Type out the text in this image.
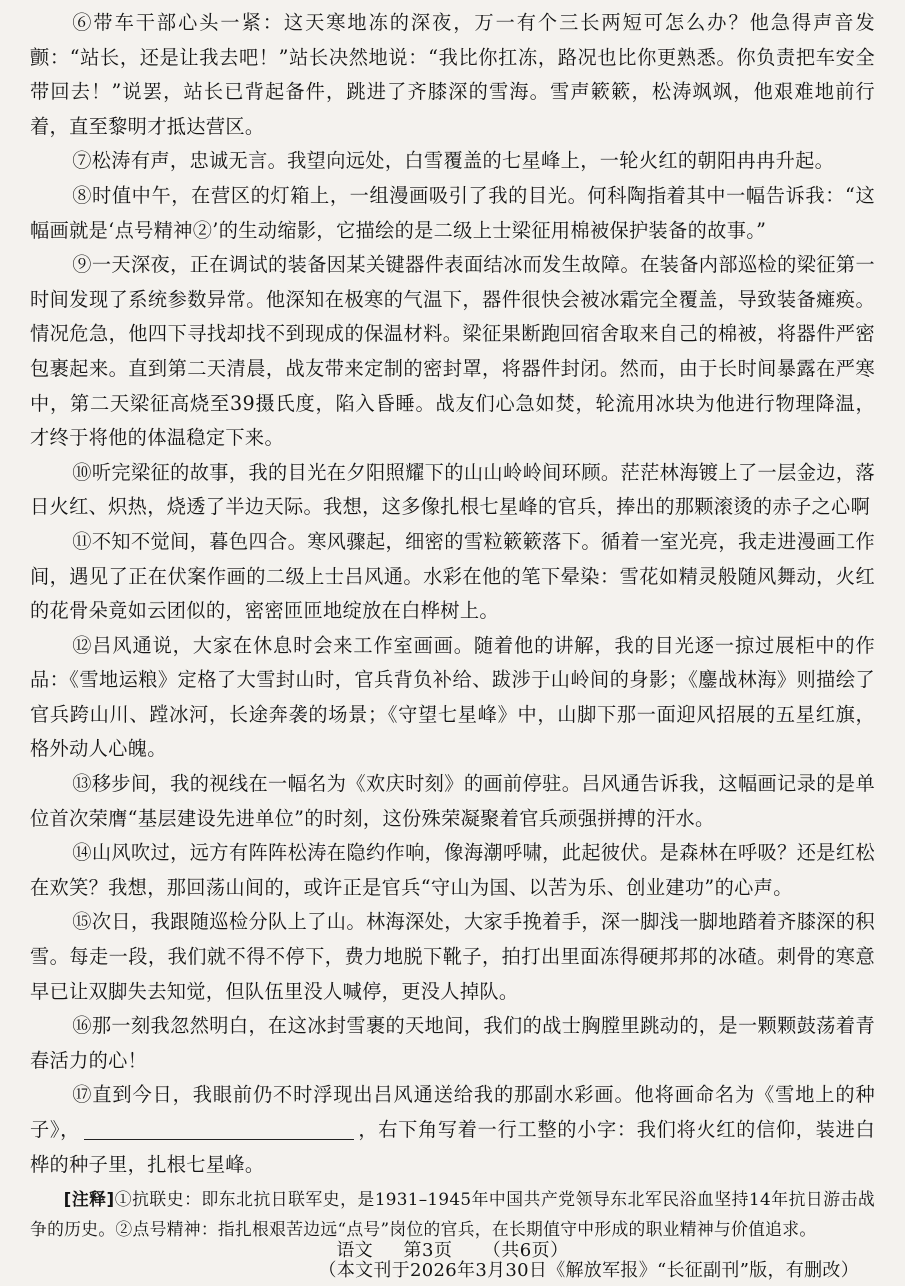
⑥带车干部心头一紧：这天寒地冻的深夜，万一有个三长两短可怎么办？他急得声音发颤：“站长，还是让我去吧！”站长决然地说：“我比你扛冻，路况也比你更熟悉。你负责把车安全带回去！”说罢，站长已背起备件，跳进了齐膝深的雪海。雪声簌簌，松涛飒飒，他艰难地前行着，直至黎明才抵达营区。

⑦松涛有声，忠诚无言。我望向远处，白雪覆盖的七星峰上，一轮火红的朝阳冉冉升起。

⑧时值中午，在营区的灯箱上，一组漫画吸引了我的目光。何科陶指着其中一幅告诉我：“这幅画就是‘点号精神②’的生动缩影，它描绘的是二级上士梁征用棉被保护装备的故事。”

⑨一天深夜，正在调试的装备因某关键器件表面结冰而发生故障。在装备内部巡检的梁征第一时间发现了系统参数异常。他深知在极寒的气温下，器件很快会被冰霜完全覆盖，导致装备瘫痪。情况危急，他四下寻找却找不到现成的保温材料。梁征果断跑回宿舍取来自己的棉被，将器件严密包裹起来。直到第二天清晨，战友带来定制的密封罩，将器件封闭。然而，由于长时间暴露在严寒中，第二天梁征高烧至39摄氏度，陷入昏睡。战友们心急如焚，轮流用冰块为他进行物理降温，才终于将他的体温稳定下来。

⑩听完梁征的故事，我的目光在夕阳照耀下的山山岭岭间环顾。茫茫林海镀上了一层金边，落日火红、炽热，烧透了半边天际。我想，这多像扎根七星峰的官兵，捧出的那颗滚烫的赤子之心啊

⑪不知不觉间，暮色四合。寒风骤起，细密的雪粒簌簌落下。循着一室光亮，我走进漫画工作间，遇见了正在伏案作画的二级上士吕风通。水彩在他的笔下晕染：雪花如精灵般随风舞动，火红的花骨朵竟如云团似的，密密匝匝地绽放在白桦树上。

⑫吕风通说，大家在休息时会来工作室画画。随着他的讲解，我的目光逐一掠过展柜中的作品：《雪地运粮》定格了大雪封山时，官兵背负补给、跋涉于山岭间的身影；《鏖战林海》则描绘了官兵跨山川、蹚冰河，长途奔袭的场景；《守望七星峰》中，山脚下那一面迎风招展的五星红旗，格外动人心魄。

⑬移步间，我的视线在一幅名为《欢庆时刻》的画前停驻。吕风通告诉我，这幅画记录的是单位首次荣膺“基层建设先进单位”的时刻，这份殊荣凝聚着官兵顽强拼搏的汗水。

⑭山风吹过，远方有阵阵松涛在隐约作响，像海潮呼啸，此起彼伏。是森林在呼吸？还是红松在欢笑？我想，那回荡山间的，或许正是官兵“守山为国、以苦为乐、创业建功”的心声。

⑮次日，我跟随巡检分队上了山。林海深处，大家手挽着手，深一脚浅一脚地踏着齐膝深的积雪。每走一段，我们就不得不停下，费力地脱下靴子，拍打出里面冻得硬邦邦的冰碴。刺骨的寒意早已让双脚失去知觉，但队伍里没人喊停，更没人掉队。

⑯那一刻我忽然明白，在这冰封雪裹的天地间，我们的战士胸膛里跳动的，是一颗颗鼓荡着青春活力的心！

⑰直到今日，我眼前仍不时浮现出吕风通送给我的那副水彩画。他将画命名为《雪地上的种子》，	，右下角写着一行工整的小字：我们将火红的信仰，装进白桦的种子里，扎根七星峰。

[注释]①抗联史：即东北抗日联军史，是1931–1945年中国共产党领导东北军民浴血坚持14年抗日游击战争的历史。②点号精神：指扎根艰苦边远“点号”岗位的官兵，在长期值守中形成的职业精神与价值追求。

（本文刊于2026年3月30日《解放军报》“长征副刊”版，有删改）

语文 第3页 （共6页）
